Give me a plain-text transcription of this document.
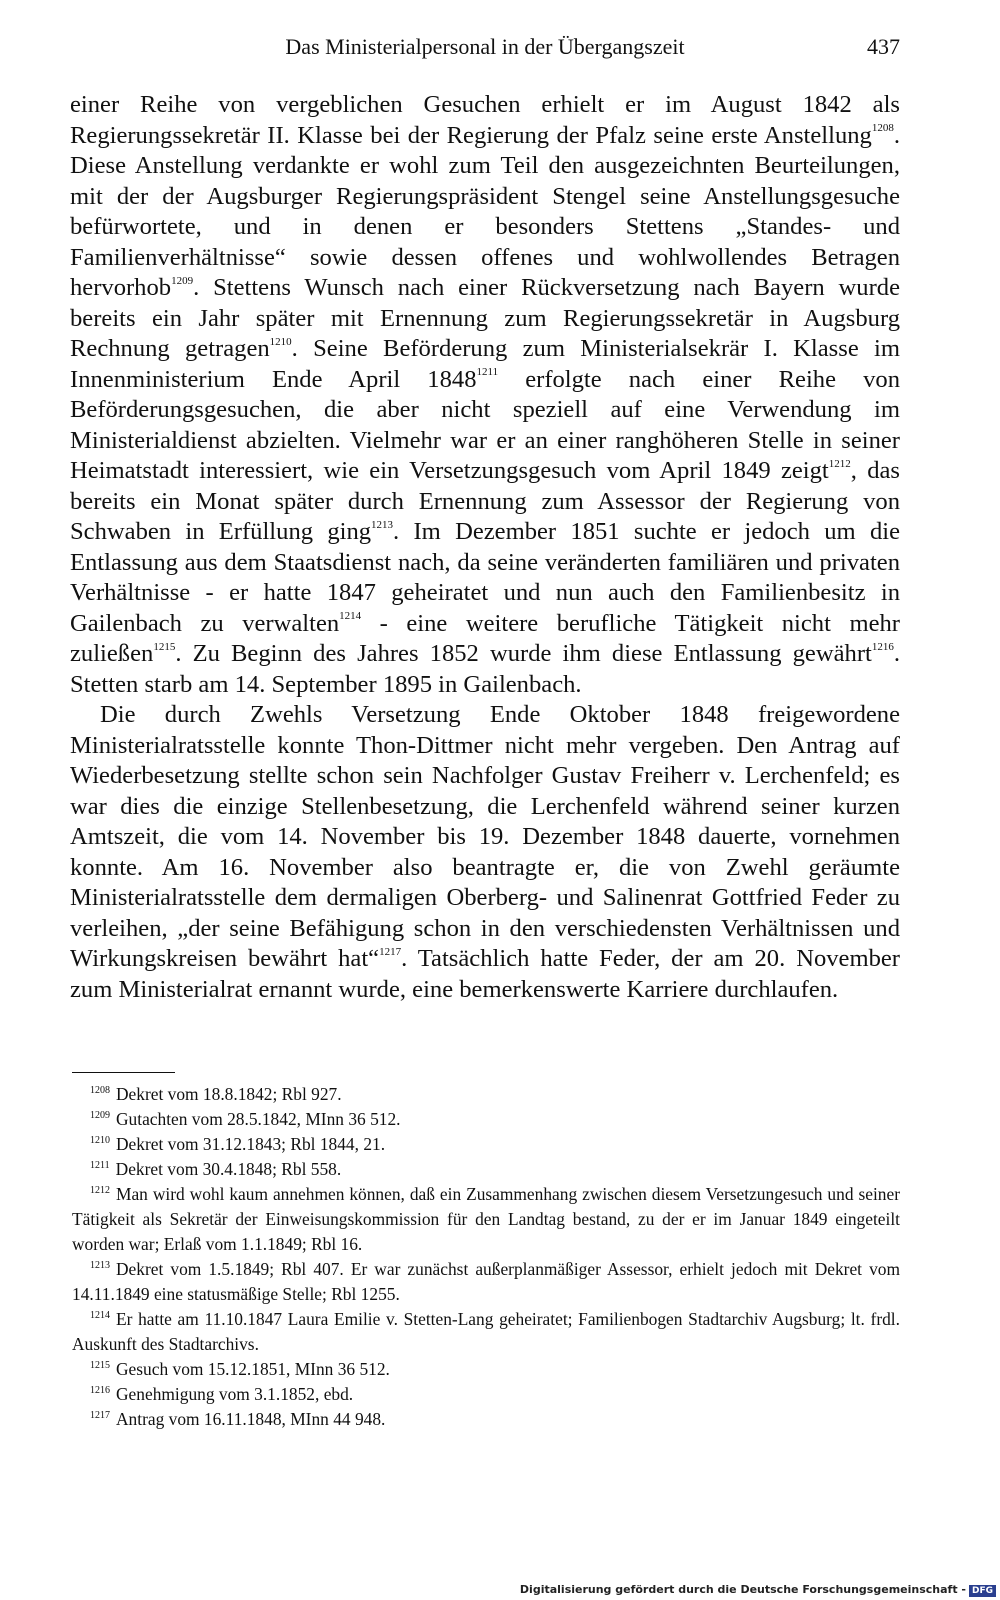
Das Ministerialpersonal in der Übergangszeit	437

einer Reihe von vergeblichen Gesuchen erhielt er im August 1842 als Regierungssekretär II. Klasse bei der Regierung der Pfalz seine erste Anstellung$^{1208}$. Diese Anstellung verdankte er wohl zum Teil den ausgezeichnten Beurteilungen, mit der der Augsburger Regierungspräsident Stengel seine Anstellungsgesuche befürwortete, und in denen er besonders Stettens „Standes- und Familienverhältnisse“ sowie dessen offenes und wohlwollendes Betragen hervorhob$^{1209}$. Stettens Wunsch nach einer Rückversetzung nach Bayern wurde bereits ein Jahr später mit Ernennung zum Regierungssekretär in Augsburg Rechnung getragen$^{1210}$. Seine Beförderung zum Ministerialsekrär I. Klasse im Innenministerium Ende April $1848^{1211}$ erfolgte nach einer Reihe von Beförderungsgesuchen, die aber nicht speziell auf eine Verwendung im Ministerialdienst abzielten. Vielmehr war er an einer ranghöheren Stelle in seiner Heimatstadt interessiert, wie ein Versetzungsgesuch vom April 1849 zeigt$^{1212}$, das bereits ein Monat später durch Ernennung zum Assessor der Regierung von Schwaben in Erfüllung ging$^{1213}$. Im Dezember 1851 suchte er jedoch um die Entlassung aus dem Staatsdienst nach, da seine veränderten familiären und privaten Verhältnisse - er hatte 1847 geheiratet und nun auch den Familienbesitz in Gailenbach zu verwalten$^{1214}$ - eine weitere berufliche Tätigkeit nicht mehr zuließen$^{1215}$. Zu Beginn des Jahres 1852 wurde ihm diese Entlassung gewährt$^{1216}$. Stetten starb am 14. September 1895 in Gailenbach.

Die durch Zwehls Versetzung Ende Oktober 1848 freigewordene Ministerialratsstelle konnte Thon-Dittmer nicht mehr vergeben. Den Antrag auf Wiederbesetzung stellte schon sein Nachfolger Gustav Freiherr v. Lerchenfeld; es war dies die einzige Stellenbesetzung, die Lerchenfeld während seiner kurzen Amtszeit, die vom 14. November bis 19. Dezember 1848 dauerte, vornehmen konnte. Am 16. November also beantragte er, die von Zwehl geräumte Ministerialratsstelle dem dermaligen Oberberg- und Salinenrat Gottfried Feder zu verleihen, „der seine Befähigung schon in den verschiedensten Verhältnissen und Wirkungskreisen bewährt hat“$^{1217}$. Tatsächlich hatte Feder, der am 20. November zum Ministerialrat ernannt wurde, eine bemerkenswerte Karriere durchlaufen.

$^{1208}$ Dekret vom 18.8.1842; Rbl 927.

$^{1209}$ Gutachten vom 28.5.1842, MInn 36 512.

$^{1210}$ Dekret vom 31.12.1843; Rbl 1844, 21.

$^{1211}$ Dekret vom 30.4.1848; Rbl 558.

$^{1212}$ Man wird wohl kaum annehmen können, daß ein Zusammenhang zwischen diesem Versetzungesuch und seiner Tätigkeit als Sekretär der Einweisungskommission für den Landtag bestand, zu der er im Januar 1849 eingeteilt worden war; Erlaß vom 1.1.1849; Rbl 16.

$^{1213}$ Dekret vom 1.5.1849; Rbl 407. Er war zunächst außerplanmäßiger Assessor, erhielt jedoch mit Dekret vom 14.11.1849 eine statusmäßige Stelle; Rbl 1255.

$^{1214}$ Er hatte am 11.10.1847 Laura Emilie v. Stetten-Lang geheiratet; Familienbogen Stadtarchiv Augsburg; lt. frdl. Auskunft des Stadtarchivs.

$^{1215}$ Gesuch vom 15.12.1851, MInn 36 512.

$^{1216}$ Genehmigung vom 3.1.1852, ebd.

$^{1217}$ Antrag vom 16.11.1848, MInn 44 948.

Digitalisierung gefördert durch die Deutsche Forschungsgemeinschaft - DFG
